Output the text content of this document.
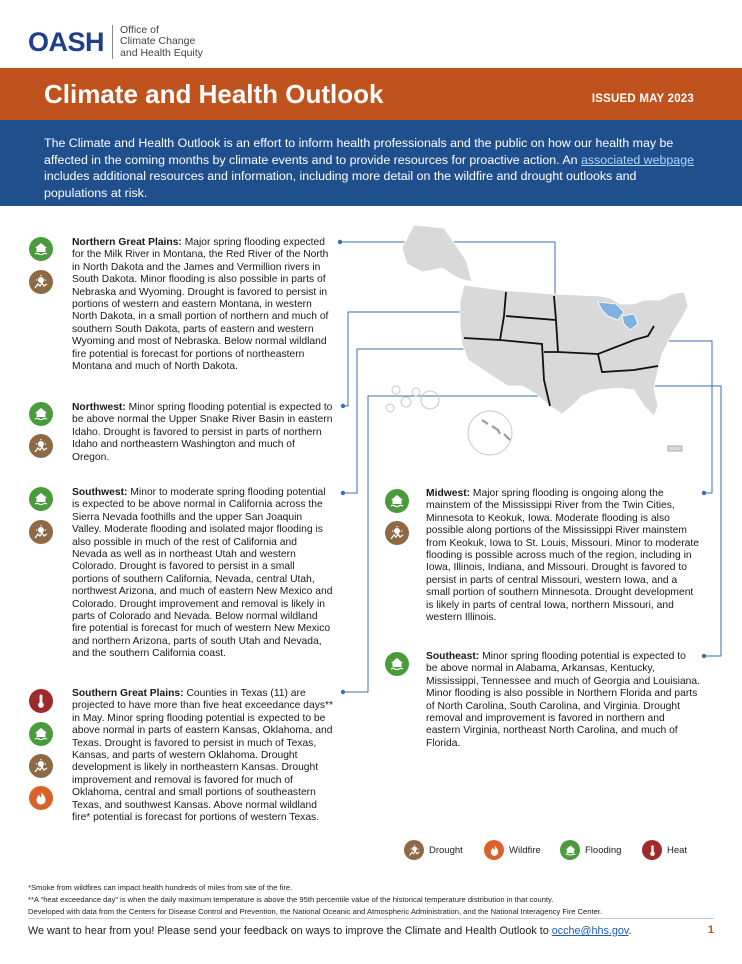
OASH Office of
Climate Change
and Health Equity
Climate and Health Outlook	ISSUED MAY 2023

The Climate and Health Outlook is an effort to inform health professionals and the public on how our health may be affected in the coming months by climate events and to provide resources for proactive action. An associated webpage includes additional resources and information, including more detail on the wildfire and drought outlooks and populations at risk.

Northern Great Plains: Major spring flooding expected for the Milk River in Montana, the Red River of the North in North Dakota and the James and Vermillion rivers in South Dakota. Minor flooding is also possible in parts of Nebraska and Wyoming. Drought is favored to persist in portions of western and eastern Montana, in western North Dakota, in a small portion of northern and much of southern South Dakota, parts of eastern and western Wyoming and most of Nebraska. Below normal wildland fire potential is forecast for portions of northeastern Montana and much of North Dakota.
Northwest: Minor spring flooding potential is expected to be above normal the Upper Snake River Basin in eastern Idaho. Drought is favored to persist in parts of northern Idaho and northeastern Washington and much of Oregon.
Southwest: Minor to moderate spring flooding potential is expected to be above normal in California across the Sierra Nevada foothills and the upper San Joaquin Valley. Moderate flooding and isolated major flooding is also possible in much of the rest of California and Nevada as well as in northeast Utah and western Colorado. Drought is favored to persist in a small portions of southern California, Nevada, central Utah, northwest Arizona, and much of eastern New Mexico and Colorado. Drought improvement and removal is likely in parts of Colorado and Nevada. Below normal wildland fire potential is forecast for much of western New Mexico and northern Arizona, parts of south Utah and Nevada, and the southern California coast.
Southern Great Plains: Counties in Texas (11) are projected to have more than five heat exceedance days** in May. Minor spring flooding potential is expected to be above normal in parts of eastern Kansas, Oklahoma, and Texas. Drought is favored to persist in much of Texas, Kansas, and parts of western Oklahoma. Drought development is likely in northeastern Kansas. Drought improvement and removal is favored for much of Oklahoma, central and small portions of southeastern Texas, and southwest Kansas. Above normal wildland fire* potential is forecast for portions of western Texas.
Midwest: Major spring flooding is ongoing along the mainstem of the Mississippi River from the Twin Cities, Minnesota to Keokuk, Iowa. Moderate flooding is also possible along portions of the Mississippi River mainstem from Keokuk, Iowa to St. Louis, Missouri. Minor to moderate flooding is possible across much of the region, including in Iowa, Illinois, Indiana, and Missouri. Drought is favored to persist in parts of central Missouri, western Iowa, and a small portion of southern Minnesota. Drought development is likely in parts of central Iowa, northern Missouri, and western Illinois.
Southeast: Minor spring flooding potential is expected to be above normal in Alabama, Arkansas, Kentucky, Mississippi, Tennessee and much of Georgia and Louisiana. Minor flooding is also possible in Northern Florida and parts of North Carolina, South Carolina, and Virginia. Drought removal and improvement is favored in northern and eastern Virginia, northeast North Carolina, and much of Florida.
Drought	Wildfire	Flooding	Heat
*Smoke from wildfires can impact health hundreds of miles from site of the fire.
**A “heat exceedance day” is when the daily maximum temperature is above the 95th percentile value of the historical temperature distribution in that county.
Developed with data from the Centers for Disease Control and Prevention, the National Oceanic and Atmospheric Administration, and the National Interagency Fire Center.
We want to hear from you! Please send your feedback on ways to improve the Climate and Health Outlook to ocche@hhs.gov.	1
